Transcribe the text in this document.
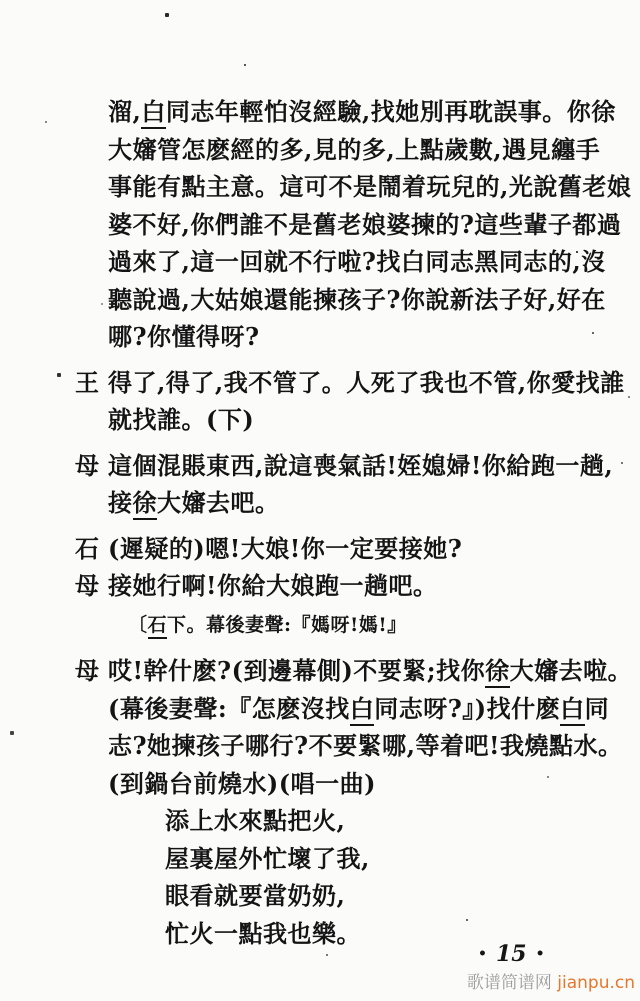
溜,白同志年輕怕沒經驗,找她別再耽誤事。你徐
大嬸管怎麽經的多,見的多,上點歲數,遇見纏手
事能有點主意。這可不是鬧着玩兒的,光說舊老娘
婆不好,你們誰不是舊老娘婆揀的?這些輩子都過
過來了,這一回就不行啦?找白同志黑同志的,沒
聽說過,大姑娘還能揀孩子?你說新法子好,好在
哪?你懂得呀?
王 得了,得了,我不管了。人死了我也不管,你愛找誰
就找誰。(下)
母 這個混賬東西,說這喪氣話!姪媳婦!你給跑一趟,
接徐大嬸去吧。
石 (遲疑的)嗯!大娘!你一定要接她?
母 接她行啊!你給大娘跑一趟吧。
〔石下。幕後妻聲:『媽呀!媽!』
母 哎!幹什麽?(到邊幕側)不要緊;找你徐大嬸去啦。
(幕後妻聲:『怎麽沒找白同志呀?』)找什麽白同
志?她揀孩子哪行?不要緊哪,等着吧!我燒點水。
(到鍋台前燒水)(唱一曲)
添上水來點把火,
屋裏屋外忙壞了我,
眼看就要當奶奶,
忙火一點我也樂。
• 15 •
歌谱简谱网 jianpu.cn
